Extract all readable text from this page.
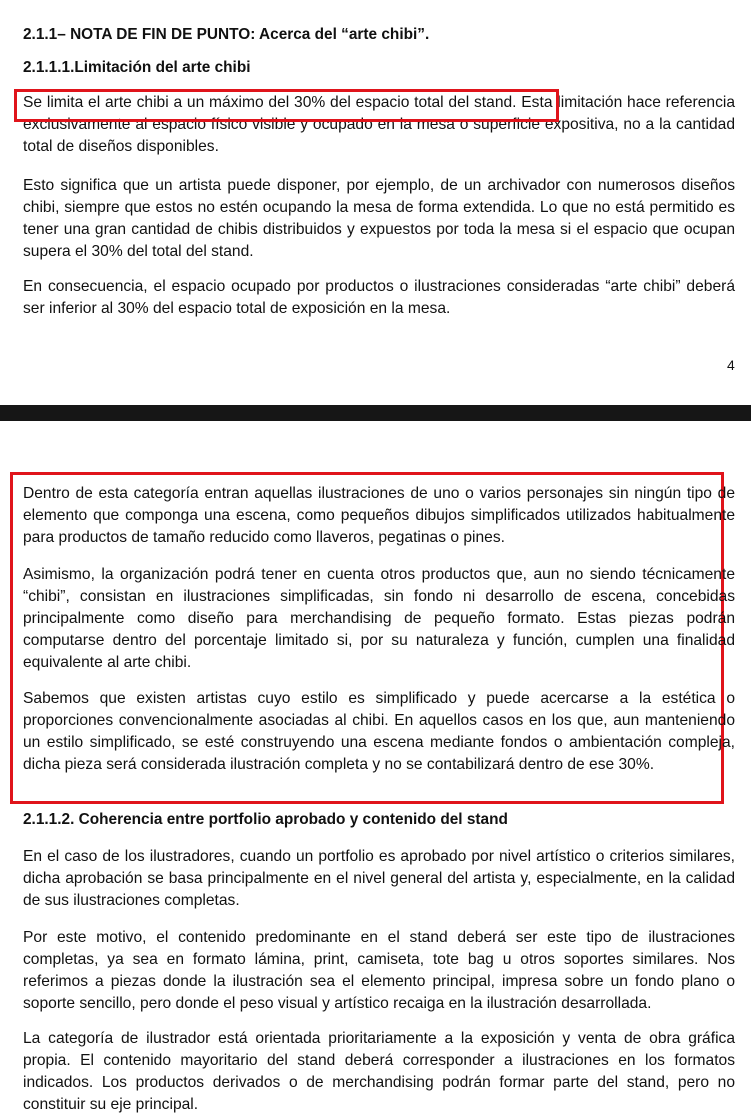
2.1.1– NOTA DE FIN DE PUNTO: Acerca del “arte chibi”.
2.1.1.1.Limitación del arte chibi

Se limita el arte chibi a un máximo del 30% del espacio total del stand. Esta limitación hace referencia exclusivamente al espacio físico visible y ocupado en la mesa o superficie expositiva, no a la cantidad total de diseños disponibles.

Esto significa que un artista puede disponer, por ejemplo, de un archivador con numerosos diseños chibi, siempre que estos no estén ocupando la mesa de forma extendida. Lo que no está permitido es tener una gran cantidad de chibis distribuidos y expuestos por toda la mesa si el espacio que ocupan supera el 30% del total del stand.

En consecuencia, el espacio ocupado por productos o ilustraciones consideradas “arte chibi” deberá ser inferior al 30% del espacio total de exposición en la mesa.

4

Dentro de esta categoría entran aquellas ilustraciones de uno o varios personajes sin ningún tipo de elemento que componga una escena, como pequeños dibujos simplificados utilizados habitualmente para productos de tamaño reducido como llaveros, pegatinas o pines.

Asimismo, la organización podrá tener en cuenta otros productos que, aun no siendo técnicamente “chibi”, consistan en ilustraciones simplificadas, sin fondo ni desarrollo de escena, concebidas principalmente como diseño para merchandising de pequeño formato. Estas piezas podrán computarse dentro del porcentaje limitado si, por su naturaleza y función, cumplen una finalidad equivalente al arte chibi.

Sabemos que existen artistas cuyo estilo es simplificado y puede acercarse a la estética o proporciones convencionalmente asociadas al chibi. En aquellos casos en los que, aun manteniendo un estilo simplificado, se esté construyendo una escena mediante fondos o ambientación compleja, dicha pieza será considerada ilustración completa y no se contabilizará dentro de ese 30%.

2.1.1.2. Coherencia entre portfolio aprobado y contenido del stand

En el caso de los ilustradores, cuando un portfolio es aprobado por nivel artístico o criterios similares, dicha aprobación se basa principalmente en el nivel general del artista y, especialmente, en la calidad de sus ilustraciones completas.

Por este motivo, el contenido predominante en el stand deberá ser este tipo de ilustraciones completas, ya sea en formato lámina, print, camiseta, tote bag u otros soportes similares. Nos referimos a piezas donde la ilustración sea el elemento principal, impresa sobre un fondo plano o soporte sencillo, pero donde el peso visual y artístico recaiga en la ilustración desarrollada.

La categoría de ilustrador está orientada prioritariamente a la exposición y venta de obra gráfica propia. El contenido mayoritario del stand deberá corresponder a ilustraciones en los formatos indicados. Los productos derivados o de merchandising podrán formar parte del stand, pero no constituir su eje principal.
